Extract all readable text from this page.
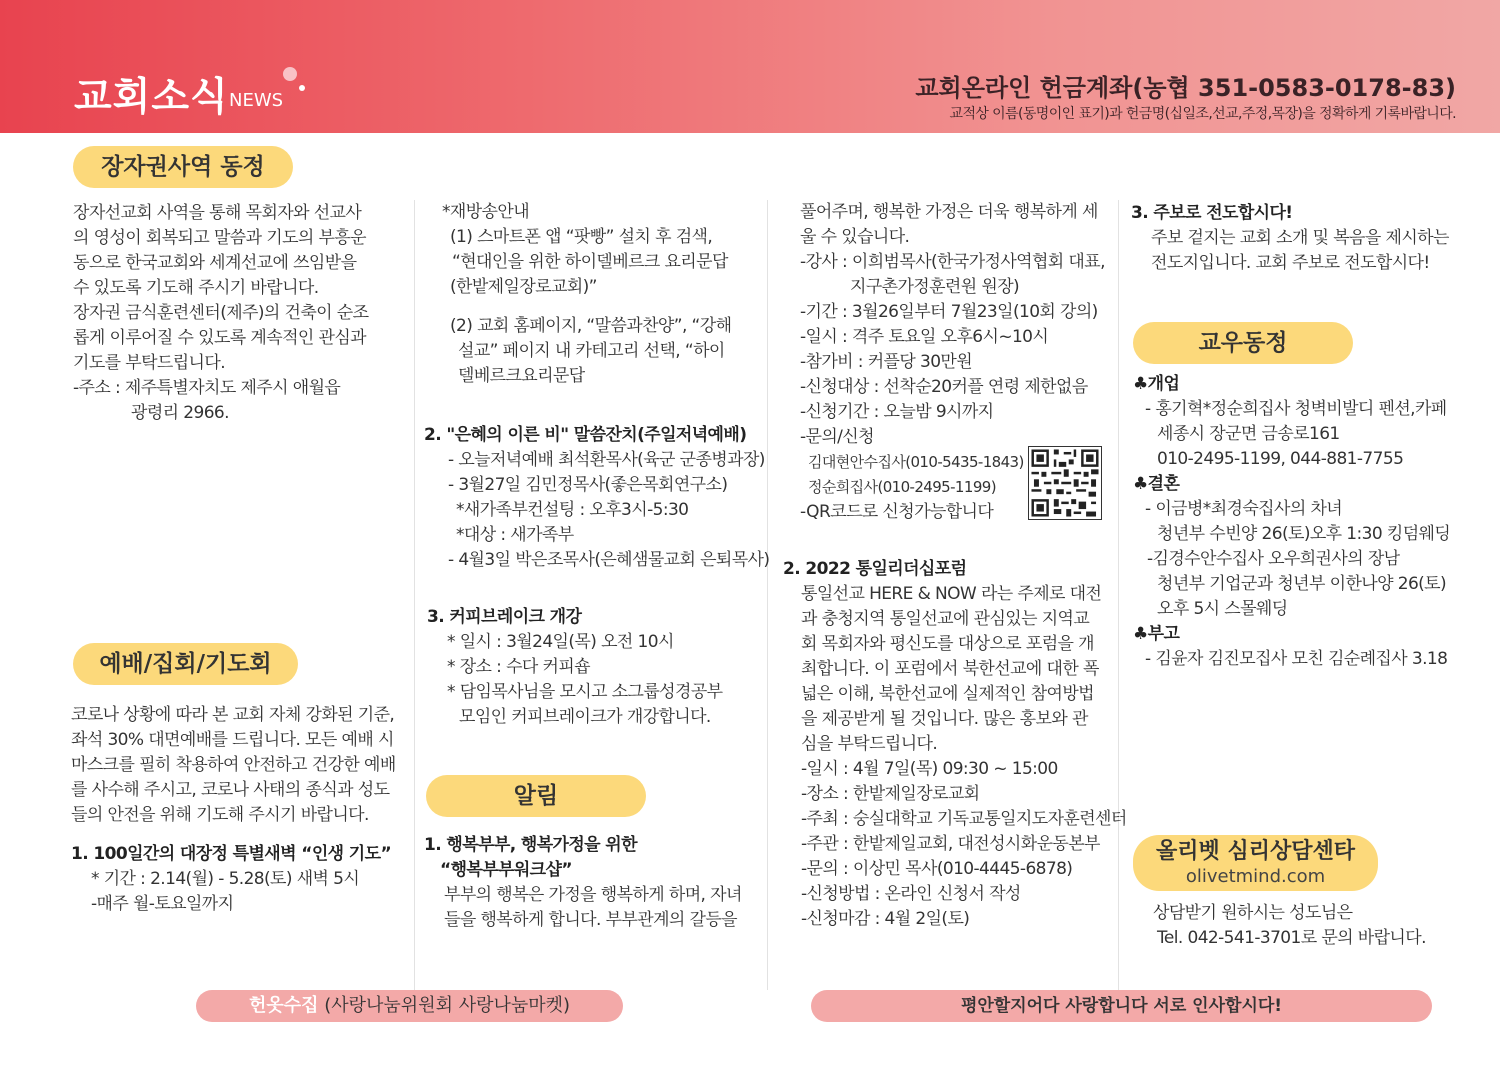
교회소식 NEWS	교회온라인 헌금계좌(농협 351-0583-0178-83)
교적상 이름(동명이인 표기)과 헌금명(십일조,선교,주정,목장)을 정확하게 기록바랍니다.
장자권사역 동정

장자선교회 사역을 통해 목회자와 선교사

의 영성이 회복되고 말씀과 기도의 부흥운

동으로 한국교회와 세계선교에 쓰임받을

수 있도록 기도해 주시기 바랍니다.

장자권 금식훈련센터(제주)의 건축이 순조

롭게 이루어질 수 있도록 계속적인 관심과

기도를 부탁드립니다.

-주소 : 제주특별자치도 제주시 애월읍

광령리 2966.

예배/집회/기도회

코로나 상황에 따라 본 교회 자체 강화된 기준,

좌석 30% 대면예배를 드립니다. 모든 예배 시

마스크를 필히 착용하여 안전하고 건강한 예배

를 사수해 주시고, 코로나 사태의 종식과 성도

들의 안전을 위해 기도해 주시기 바랍니다.

1. 100일간의 대장정 특별새벽 “인생 기도”

* 기간 : 2.14(월) - 5.28(토) 새벽 5시

-매주 월-토요일까지

*재방송안내

(1) 스마트폰 앱 “팟빵” 설치 후 검색,

“현대인을 위한 하이델베르크 요리문답

(한밭제일장로교회)”

(2) 교회 홈페이지, “말씀과찬양”, “강해

설교” 페이지 내 카테고리 선택, “하이

델베르크요리문답

2. "은혜의 이른 비" 말씀잔치(주일저녁예배)

- 오늘저녁예배 최석환목사(육군 군종병과장)

- 3월27일 김민정목사(좋은목회연구소)

*새가족부컨설팅 : 오후3시-5:30

*대상 : 새가족부

- 4월3일 박은조목사(은혜샘물교회 은퇴목사)

3. 커피브레이크 개강

* 일시 : 3월24일(목) 오전 10시

* 장소 : 수다 커피숍

* 담임목사님을 모시고 소그룹성경공부

모임인 커피브레이크가 개강합니다.

알림

1. 행복부부, 행복가정을 위한

“행복부부워크샵”

부부의 행복은 가정을 행복하게 하며, 자녀

들을 행복하게 합니다. 부부관계의 갈등을

풀어주며, 행복한 가정은 더욱 행복하게 세

울 수 있습니다.

-강사 : 이희범목사(한국가정사역협회 대표,

지구촌가정훈련원 원장)

-기간 : 3월26일부터 7월23일(10회 강의)

-일시 : 격주 토요일 오후6시~10시

-참가비 : 커플당 30만원

-신청대상 : 선착순20커플 연령 제한없음

-신청기간 : 오늘밤 9시까지

-문의/신청

김대현안수집사(010-5435-1843)

정순희집사(010-2495-1199)

-QR코드로 신청가능합니다

2. 2022 통일리더십포럼

통일선교 HERE & NOW 라는 주제로 대전

과 충청지역 통일선교에 관심있는 지역교

회 목회자와 평신도를 대상으로 포럼을 개

최합니다. 이 포럼에서 북한선교에 대한 폭

넓은 이해, 북한선교에 실제적인 참여방법

을 제공받게 될 것입니다. 많은 홍보와 관

심을 부탁드립니다.

-일시 : 4월 7일(목) 09:30 ~ 15:00

-장소 : 한밭제일장로교회

-주최 : 숭실대학교 기독교통일지도자훈련센터

-주관 : 한밭제일교회, 대전성시화운동본부

-문의 : 이상민 목사(010-4445-6878)

-신청방법 : 온라인 신청서 작성

-신청마감 : 4월 2일(토)

3. 주보로 전도합시다!

주보 겉지는 교회 소개 및 복음을 제시하는

전도지입니다. 교회 주보로 전도합시다!

교우동정

♣개업

- 홍기혁*정순희집사 청벽비발디 펜션,카페

세종시 장군면 금송로161

010-2495-1199, 044-881-7755

♣결혼

- 이금병*최경숙집사의 차녀

청년부 수빈양 26(토)오후 1:30 킹덤웨딩

-김경수안수집사 오우희권사의 장남

청년부 기업군과 청년부 이한나양 26(토)

오후 5시 스몰웨딩

♣부고

- 김윤자 김진모집사 모친 김순례집사 3.18

올리벳 심리상담센타
olivetmind.com

상담받기 원하시는 성도님은

Tel. 042-541-3701로 문의 바랍니다.

헌옷수집 (사랑나눔위원회 사랑나눔마켓)	평안할지어다 사랑합니다 서로 인사합시다!
